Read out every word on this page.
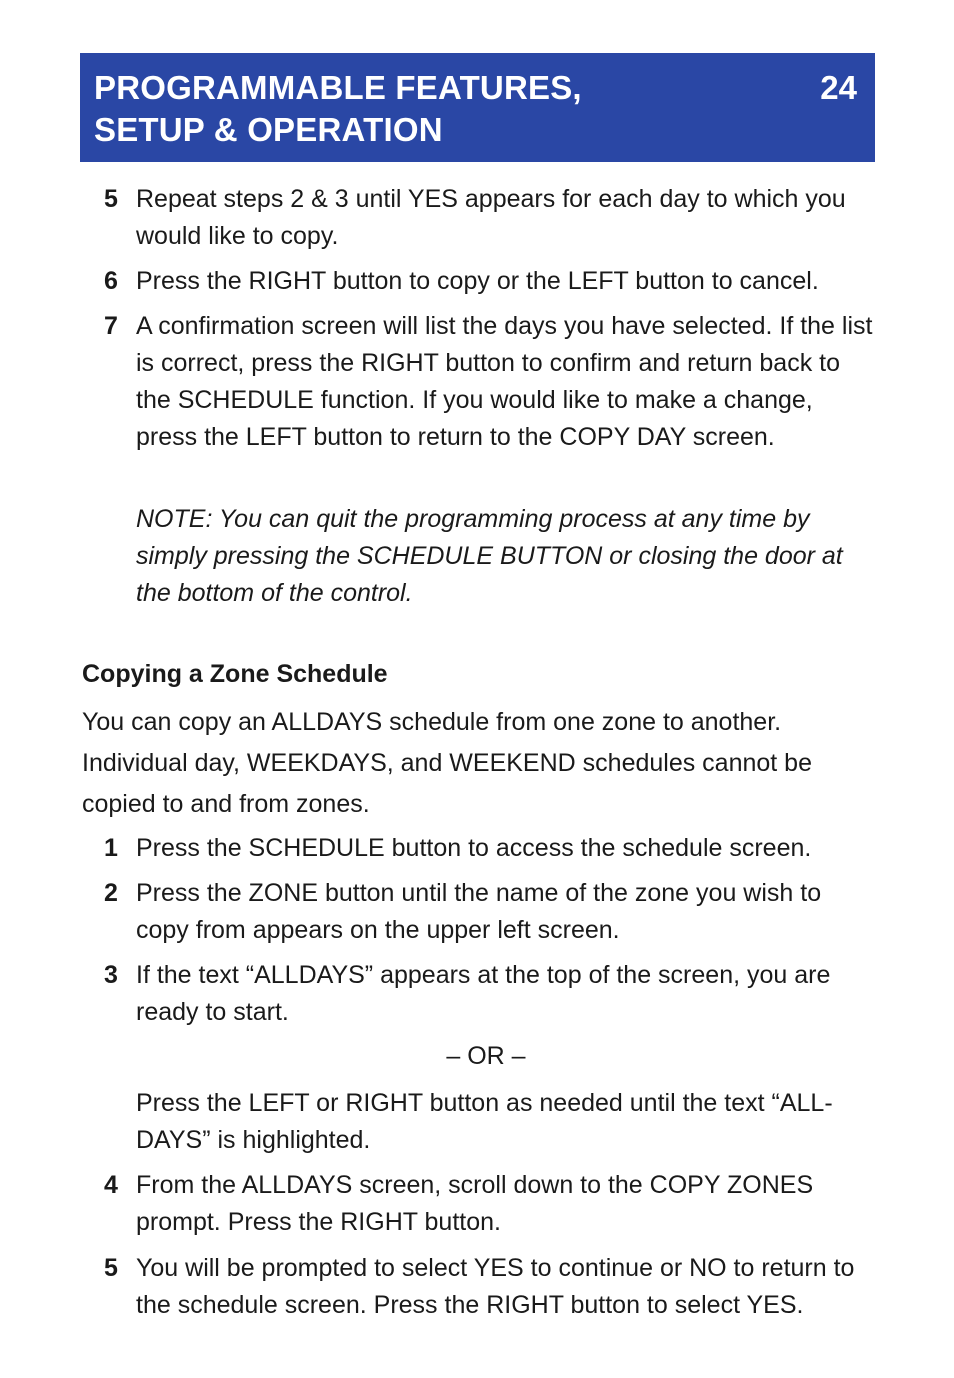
PROGRAMMABLE FEATURES,
SETUP & OPERATION
24
5 Repeat steps 2 & 3 until YES appears for each day to which you would like to copy.
6 Press the RIGHT button to copy or the LEFT button to cancel.
7 A confirmation screen will list the days you have selected. If the list is correct, press the RIGHT button to confirm and return back to the SCHEDULE function. If you would like to make a change, press the LEFT button to return to the COPY DAY screen.
NOTE: You can quit the programming process at any time by simply pressing the SCHEDULE BUTTON or closing the door at the bottom of the control.
Copying a Zone Schedule
You can copy an ALLDAYS schedule from one zone to another. Individual day, WEEKDAYS, and WEEKEND schedules cannot be copied to and from zones.
1 Press the SCHEDULE button to access the schedule screen.
2 Press the ZONE button until the name of the zone you wish to copy from appears on the upper left screen.
3 If the text “ALLDAYS” appears at the top of the screen, you are ready to start.
– OR –
Press the LEFT or RIGHT button as needed until the text “ALL-DAYS” is highlighted.
4 From the ALLDAYS screen, scroll down to the COPY ZONES prompt. Press the RIGHT button.
5 You will be prompted to select YES to continue or NO to return to the schedule screen. Press the RIGHT button to select YES.
